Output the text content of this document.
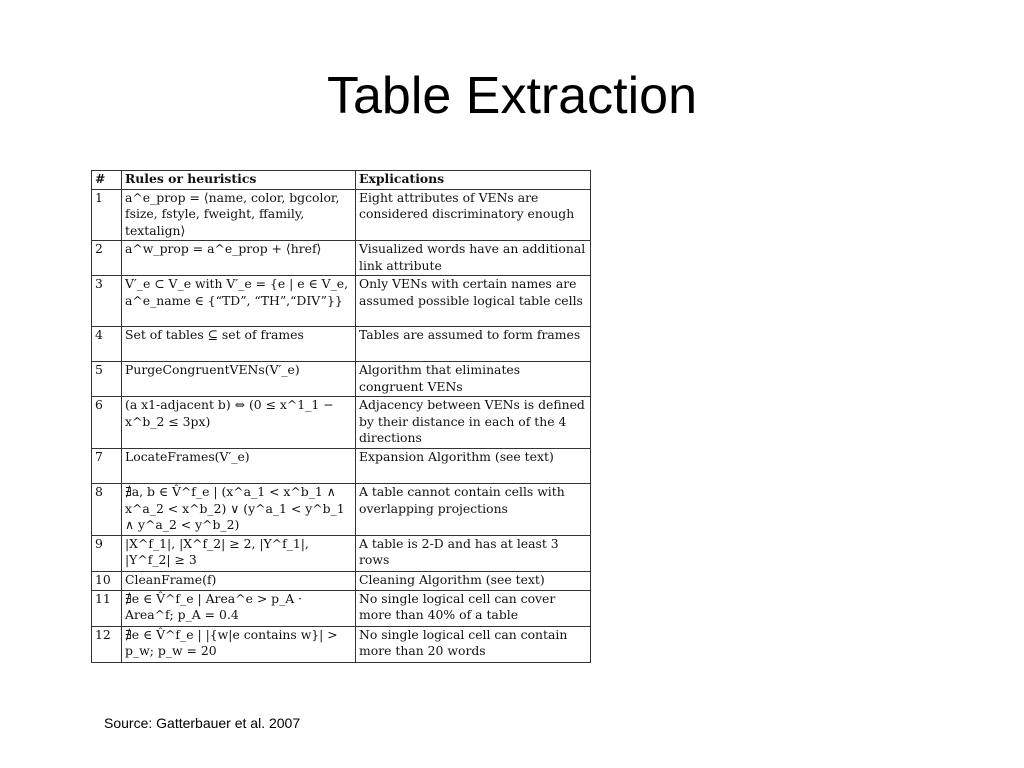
Table Extraction
#	Rules or heuristics	Explications
1	a^e_prop = ⟨name, color, bgcolor, fsize, fstyle, fweight, ffamily, textalign⟩	Eight attributes of VENs are considered discriminatory enough
2	a^w_prop = a^e_prop + ⟨href⟩	Visualized words have an additional link attribute
3	V′_e ⊂ V_e with V′_e = {e | e ∈ V_e, a^e_name ∈ {“TD”, “TH”,“DIV”}}	Only VENs with certain names are assumed possible logical table cells
4	Set of tables ⊆ set of frames	Tables are assumed to form frames
5	PurgeCongruentVENs(V′_e)	Algorithm that eliminates congruent VENs
6	(a x1-adjacent b) ⇔ (0 ≤ x^1_1 − x^b_2 ≤ 3px)	Adjacency between VENs is defined by their distance in each of the 4 directions
7	LocateFrames(V′_e)	Expansion Algorithm (see text)
8	∄a, b ∈ V̂^f_e | (x^a_1 < x^b_1 ∧ x^a_2 < x^b_2) ∨ (y^a_1 < y^b_1 ∧ y^a_2 < y^b_2)	A table cannot contain cells with overlapping projections
9	|X^f_1|, |X^f_2| ≥ 2, |Y^f_1|, |Y^f_2| ≥ 3	A table is 2-D and has at least 3 rows
10	CleanFrame(f)	Cleaning Algorithm (see text)
11	∄e ∈ V̂^f_e | Area^e > p_A · Area^f; p_A = 0.4	No single logical cell can cover more than 40% of a table
12	∄e ∈ V̂^f_e | |{w|e contains w}| > p_w; p_w = 20	No single logical cell can contain more than 20 words
Source: Gatterbauer et al. 2007
